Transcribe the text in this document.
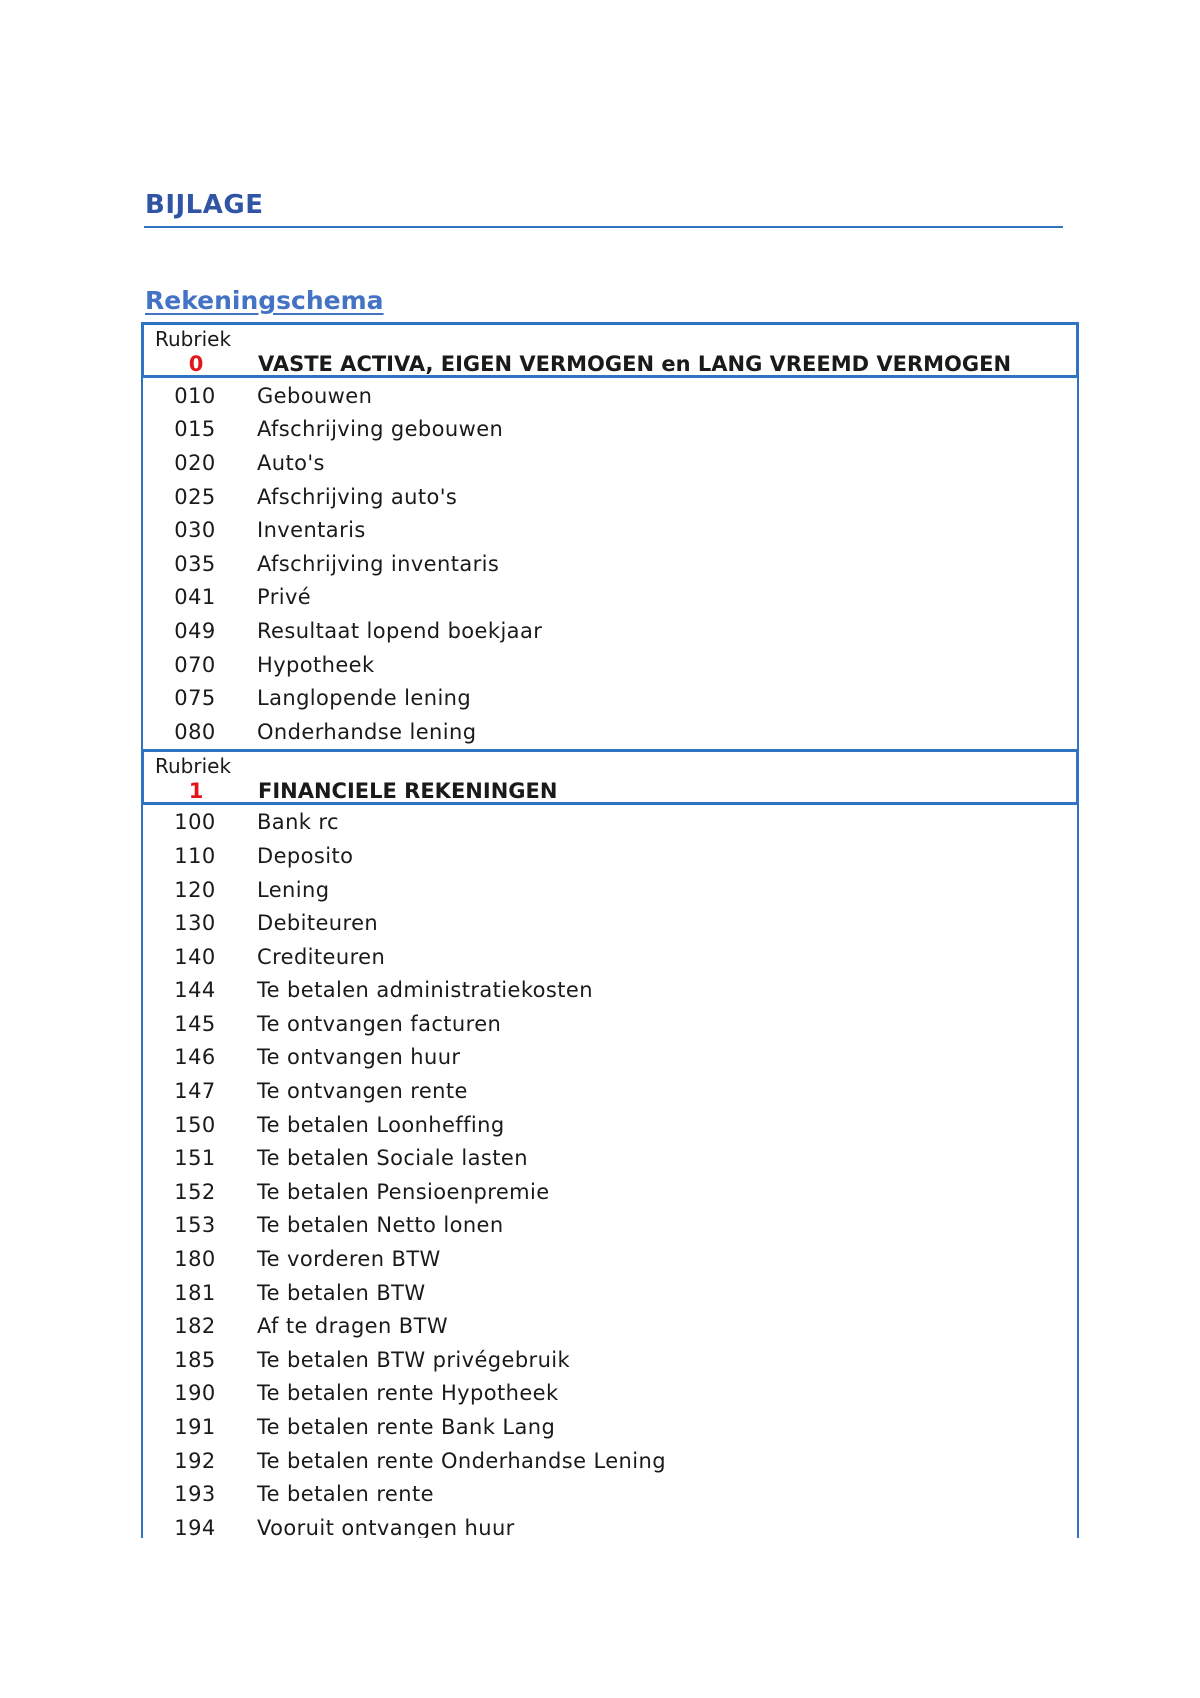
BIJLAGE
Rekeningschema
Rubriek
0	VASTE ACTIVA, EIGEN VERMOGEN en LANG VREEMD VERMOGEN
010	Gebouwen
015	Afschrijving gebouwen
020	Auto's
025	Afschrijving auto's
030	Inventaris
035	Afschrijving inventaris
041	Privé
049	Resultaat lopend boekjaar
070	Hypotheek
075	Langlopende lening
080	Onderhandse lening
Rubriek
1	FINANCIELE REKENINGEN
100	Bank rc
110	Deposito
120	Lening
130	Debiteuren
140	Crediteuren
144	Te betalen administratiekosten
145	Te ontvangen facturen
146	Te ontvangen huur
147	Te ontvangen rente
150	Te betalen Loonheffing
151	Te betalen Sociale lasten
152	Te betalen Pensioenpremie
153	Te betalen Netto lonen
180	Te vorderen BTW
181	Te betalen BTW
182	Af te dragen BTW
185	Te betalen BTW privégebruik
190	Te betalen rente Hypotheek
191	Te betalen rente Bank Lang
192	Te betalen rente Onderhandse Lening
193	Te betalen rente
194	Vooruit ontvangen huur
